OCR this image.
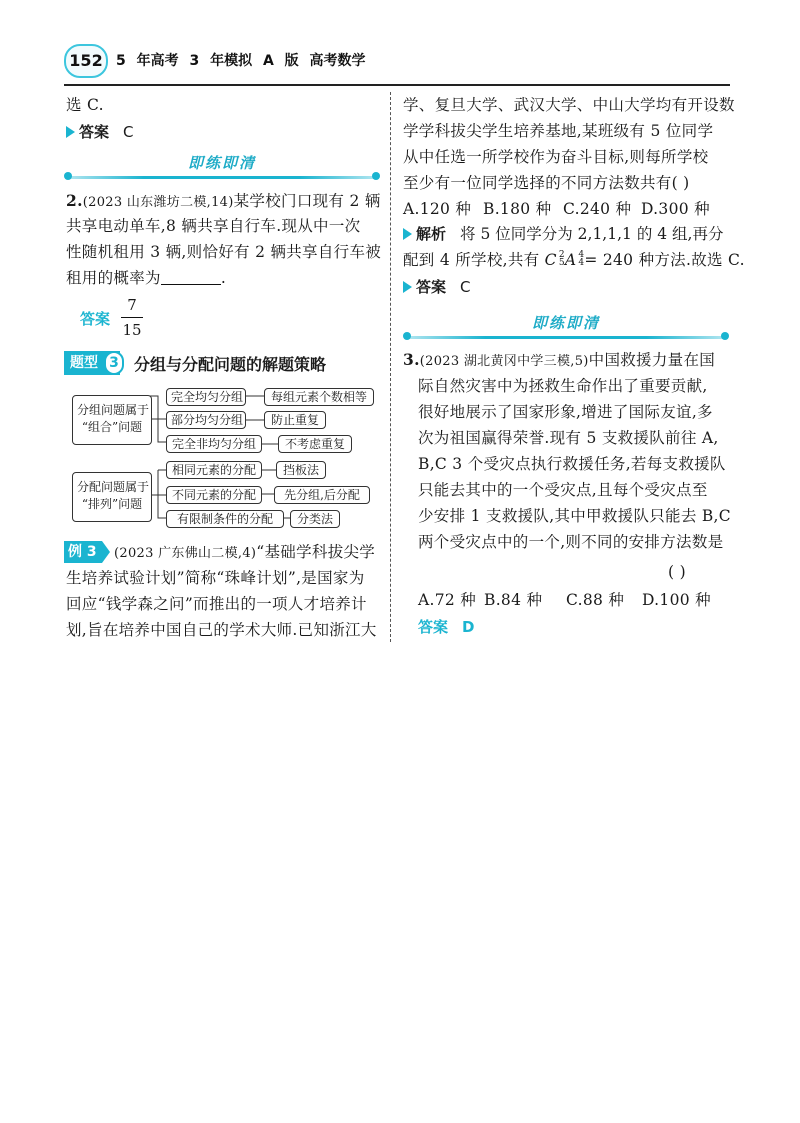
152 5 年高考 3 年模拟 A 版 高考数学
选 C.
答案 C
即练即清
2.(2023 山东潍坊二模,14)某学校门口现有 2 辆
共享电动单车,8 辆共享自行车.现从中一次
性随机租用 3 辆,则恰好有 2 辆共享自行车被
租用的概率为	.
答案
7
15
题型 3 分组与分配问题的解题策略
分组问题属于
“组合”问题
完全均匀分组
部分均匀分组
完全非均匀分组
每组元素个数相等
防止重复
不考虑重复
分配问题属于
“排列”问题
相同元素的分配
不同元素的分配
有限制条件的分配
挡板法
先分组,后分配
分类法
例 3	(2023 广东佛山二模,4)“基础学科拔尖学
生培养试验计划”简称“珠峰计划”,是国家为
回应“钱学森之问”而推出的一项人才培养计
划,旨在培养中国自己的学术大师.已知浙江大
学、复旦大学、武汉大学、中山大学均有开设数
学学科拔尖学生培养基地,某班级有 5 位同学
从中任选一所学校作为奋斗目标,则每所学校
至少有一位同学选择的不同方法数共有( )
A.120 种 B.180 种 C.240 种 D.300 种
解析 将 5 位同学分为 2,1,1,1 的 4 组,再分
配到 4 所学校,共有 C 2
5 A 4
4 = 240 种方法.故选 C.
答案 C
即练即清
3.(2023 湖北黄冈中学三模,5)中国救援力量在国
际自然灾害中为拯救生命作出了重要贡献,
很好地展示了国家形象,增进了国际友谊,多
次为祖国赢得荣誉.现有 5 支救援队前往 A,
B,C 3 个受灾点执行救援任务,若每支救援队
只能去其中的一个受灾点,且每个受灾点至
少安排 1 支救援队,其中甲救援队只能去 B,C
两个受灾点中的一个,则不同的安排方法数是
( )
A.72 种 B.84 种 C.88 种 D.100 种
答案 D
